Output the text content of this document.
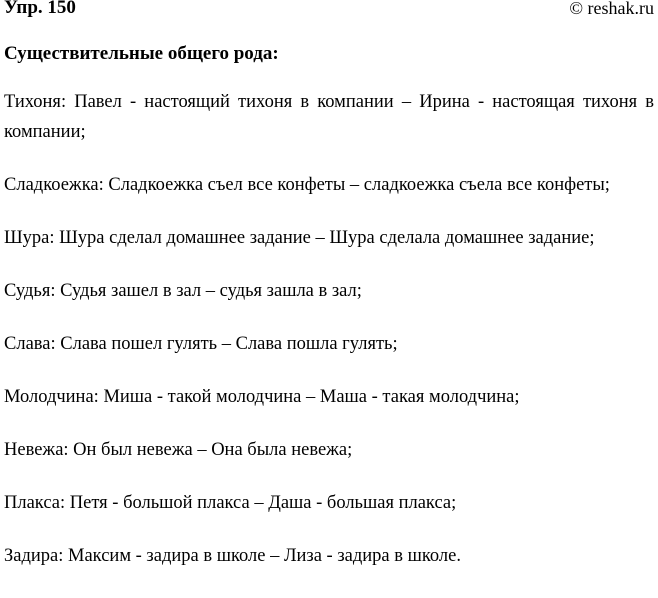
Упр. 150	© reshak.ru
Существительные общего рода:

Тихоня: Павел - настоящий тихоня в компании – Ирина - настоящая тихоня в компании;

Сладкоежка: Сладкоежка съел все конфеты – сладкоежка съела все конфеты;

Шура: Шура сделал домашнее задание – Шура сделала домашнее задание;

Судья: Судья зашел в зал – судья зашла в зал;

Слава: Слава пошел гулять – Слава пошла гулять;

Молодчина: Миша - такой молодчина – Маша - такая молодчина;

Невежа: Он был невежа – Она была невежа;

Плакса: Петя - большой плакса – Даша - большая плакса;

Задира: Максим - задира в школе – Лиза - задира в школе.
